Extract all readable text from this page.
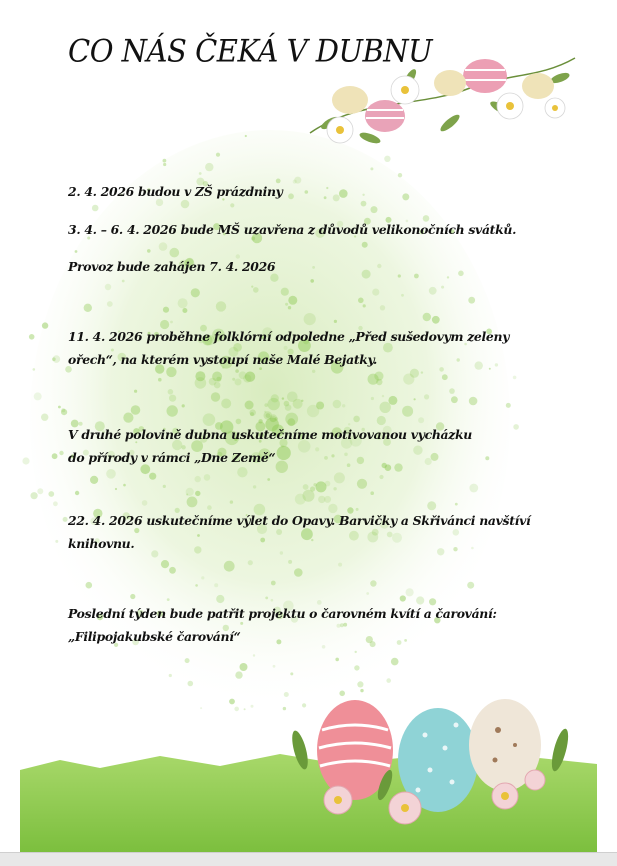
CO NÁS ČEKÁ V DUBNU
2. 4. 2026 budou v ZŠ prázdniny
3. 4. – 6. 4. 2026 bude MŠ uzavřena z důvodů velikonočních svátků.
Provoz bude zahájen 7. 4. 2026
11. 4. 2026 proběhne folklórní odpoledne „Před sušedovym zeleny
ořech“, na kterém vystoupí naše Malé Bejatky.
V druhé polovině dubna uskutečníme motivovanou vycházku
do přírody v rámci „Dne Země“
22. 4. 2026 uskutečníme výlet do Opavy. Barvičky a Skřivánci navštíví
knihovnu.
Poslední týden bude patřit projektu o čarovném kvítí a čarování:
„Filipojakubské čarování“
